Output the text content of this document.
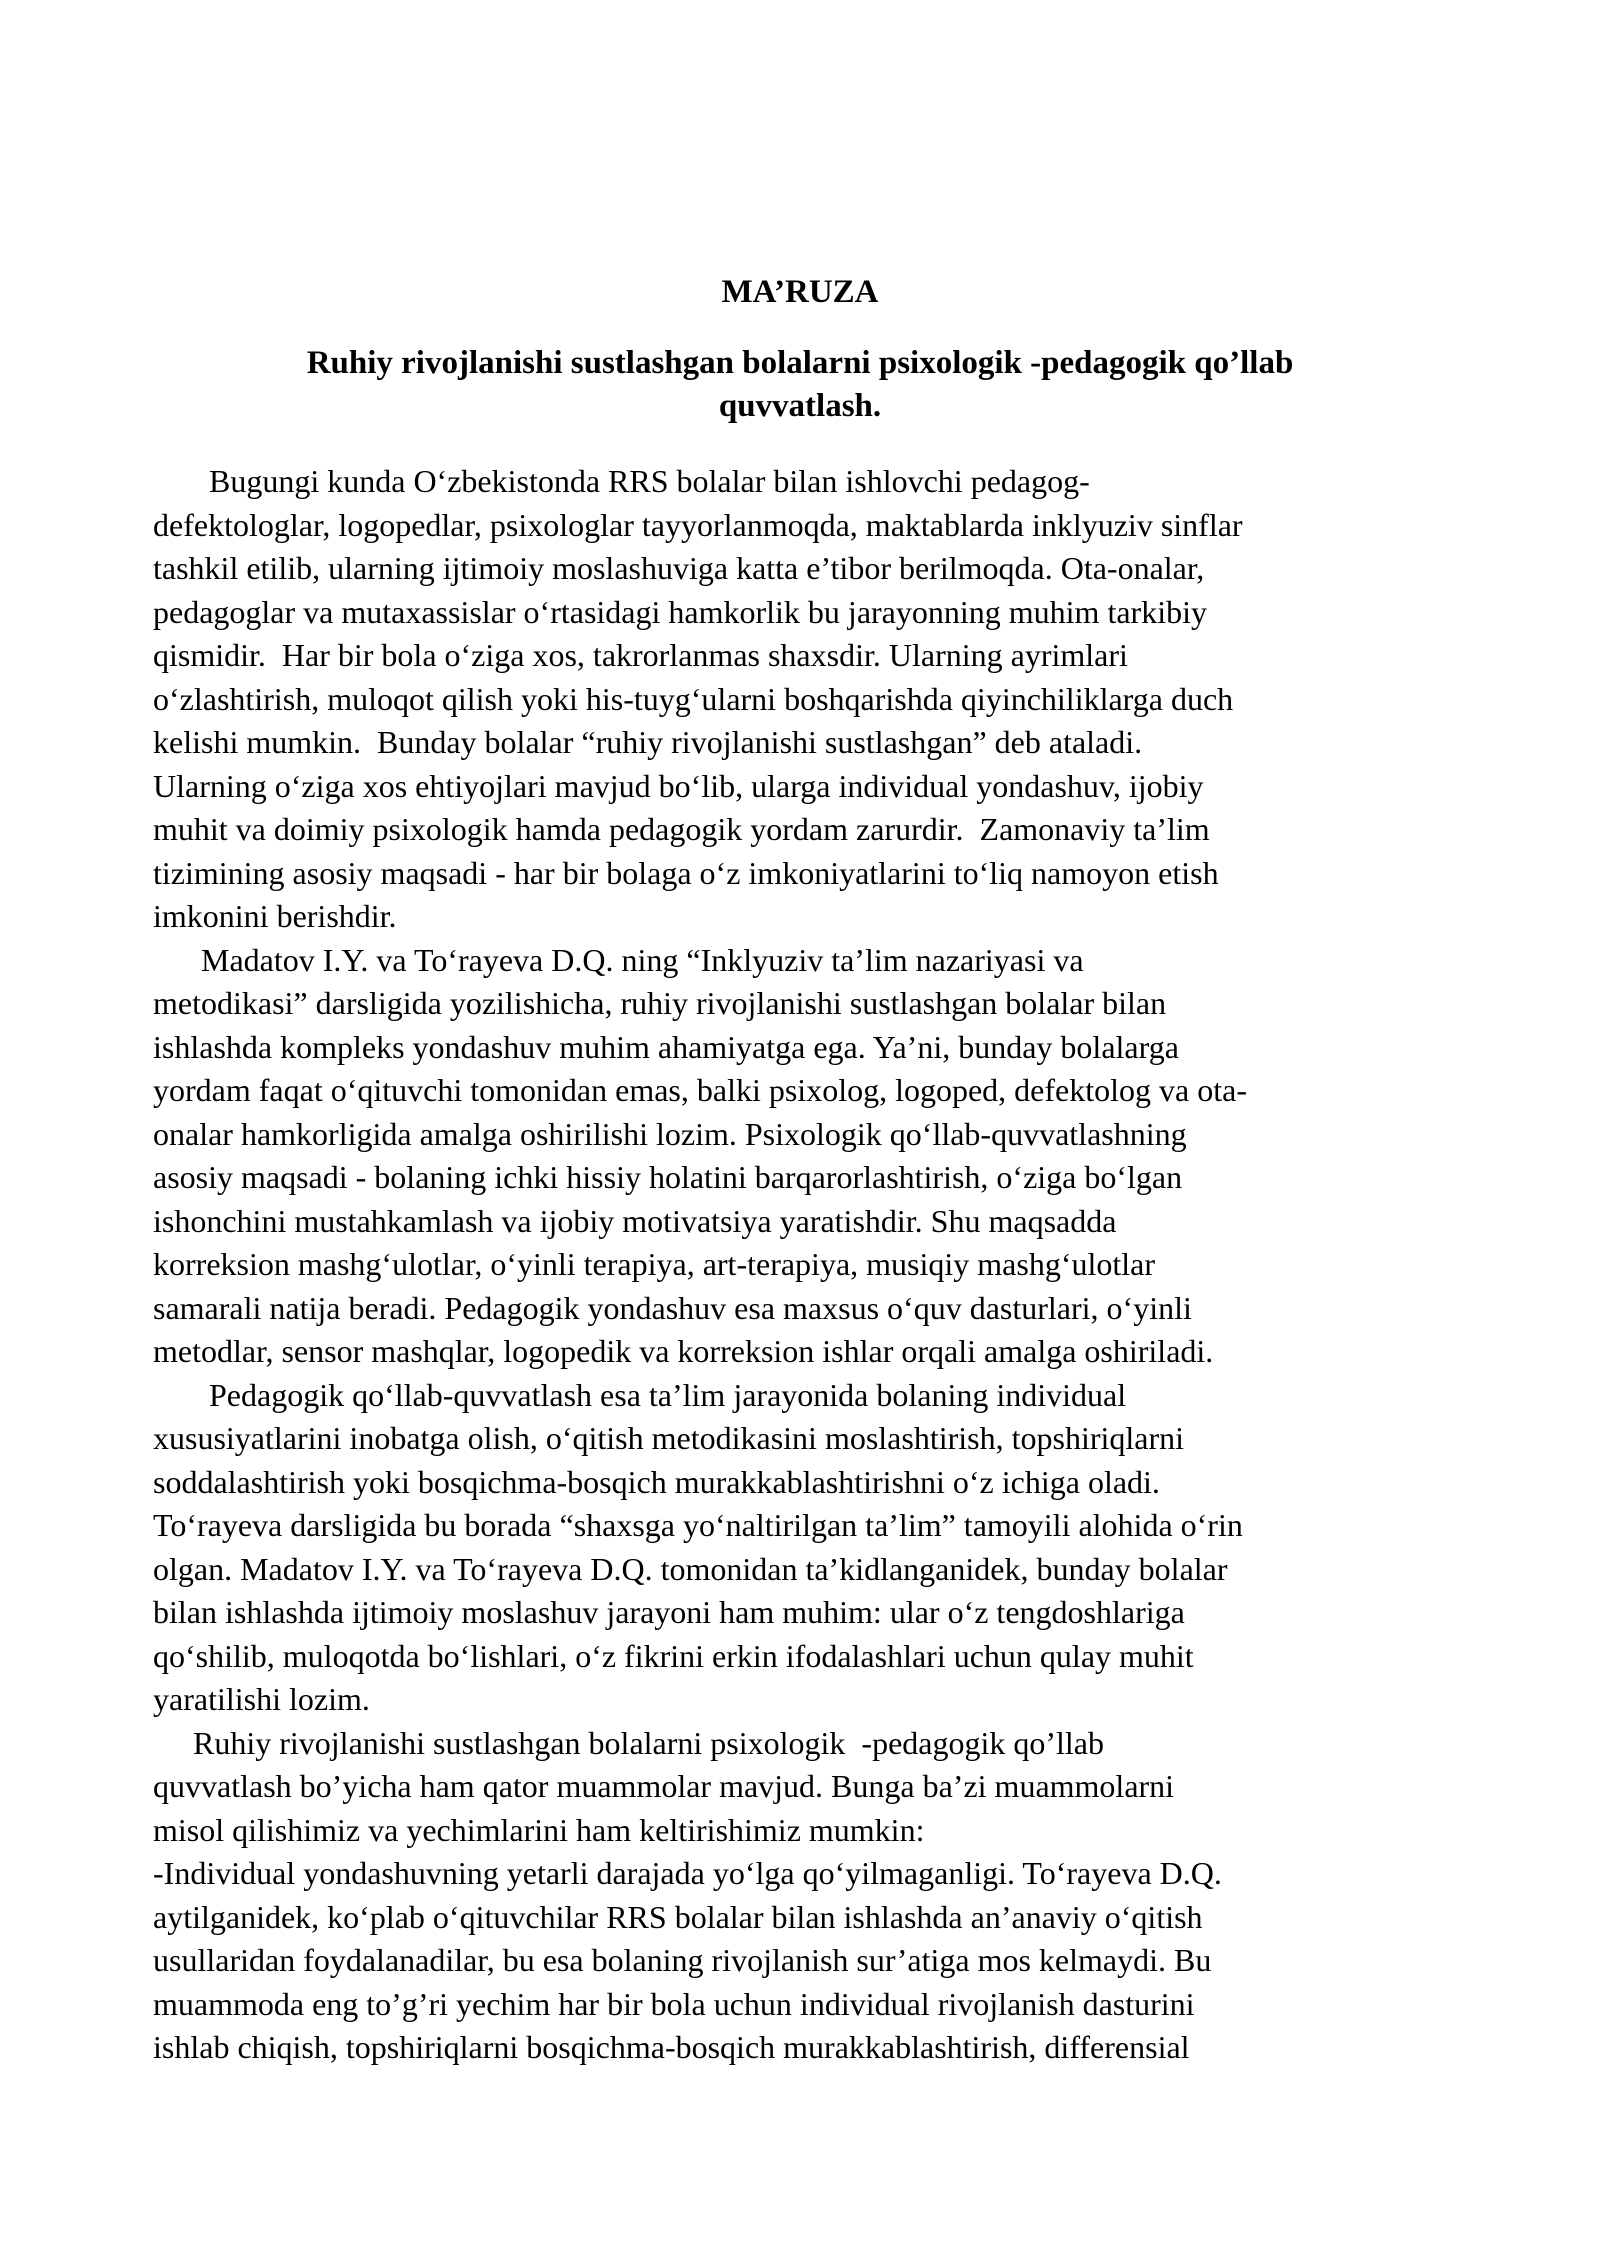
MA’RUZA
Ruhiy rivojlanishi sustlashgan bolalarni psixologik -pedagogik qo’llab
quvvatlash.
Bugungi kunda O‘zbekistonda RRS bolalar bilan ishlovchi pedagog-
defektologlar, logopedlar, psixologlar tayyorlanmoqda, maktablarda inklyuziv sinflar
tashkil etilib, ularning ijtimoiy moslashuviga katta e’tibor berilmoqda. Ota-onalar,
pedagoglar va mutaxassislar o‘rtasidagi hamkorlik bu jarayonning muhim tarkibiy
qismidir.  Har bir bola o‘ziga xos, takrorlanmas shaxsdir. Ularning ayrimlari
o‘zlashtirish, muloqot qilish yoki his-tuyg‘ularni boshqarishda qiyinchiliklarga duch
kelishi mumkin.  Bunday bolalar “ruhiy rivojlanishi sustlashgan” deb ataladi.
Ularning o‘ziga xos ehtiyojlari mavjud bo‘lib, ularga individual yondashuv, ijobiy
muhit va doimiy psixologik hamda pedagogik yordam zarurdir.  Zamonaviy ta’lim
tizimining asosiy maqsadi - har bir bolaga o‘z imkoniyatlarini to‘liq namoyon etish
imkonini berishdir.
Madatov I.Y. va To‘rayeva D.Q. ning “Inklyuziv ta’lim nazariyasi va
metodikasi” darsligida yozilishicha, ruhiy rivojlanishi sustlashgan bolalar bilan
ishlashda kompleks yondashuv muhim ahamiyatga ega. Ya’ni, bunday bolalarga
yordam faqat o‘qituvchi tomonidan emas, balki psixolog, logoped, defektolog va ota-
onalar hamkorligida amalga oshirilishi lozim. Psixologik qo‘llab-quvvatlashning
asosiy maqsadi - bolaning ichki hissiy holatini barqarorlashtirish, o‘ziga bo‘lgan
ishonchini mustahkamlash va ijobiy motivatsiya yaratishdir. Shu maqsadda
korreksion mashg‘ulotlar, o‘yinli terapiya, art-terapiya, musiqiy mashg‘ulotlar
samarali natija beradi. Pedagogik yondashuv esa maxsus o‘quv dasturlari, o‘yinli
metodlar, sensor mashqlar, logopedik va korreksion ishlar orqali amalga oshiriladi.
Pedagogik qo‘llab-quvvatlash esa ta’lim jarayonida bolaning individual
xususiyatlarini inobatga olish, o‘qitish metodikasini moslashtirish, topshiriqlarni
soddalashtirish yoki bosqichma-bosqich murakkablashtirishni o‘z ichiga oladi.
To‘rayeva darsligida bu borada “shaxsga yo‘naltirilgan ta’lim” tamoyili alohida o‘rin
olgan. Madatov I.Y. va To‘rayeva D.Q. tomonidan ta’kidlanganidek, bunday bolalar
bilan ishlashda ijtimoiy moslashuv jarayoni ham muhim: ular o‘z tengdoshlariga
qo‘shilib, muloqotda bo‘lishlari, o‘z fikrini erkin ifodalashlari uchun qulay muhit
yaratilishi lozim.
Ruhiy rivojlanishi sustlashgan bolalarni psixologik  -pedagogik qo’llab
quvvatlash bo’yicha ham qator muammolar mavjud. Bunga ba’zi muammolarni
misol qilishimiz va yechimlarini ham keltirishimiz mumkin:
-Individual yondashuvning yetarli darajada yo‘lga qo‘yilmaganligi. To‘rayeva D.Q.
aytilganidek, ko‘plab o‘qituvchilar RRS bolalar bilan ishlashda an’anaviy o‘qitish
usullaridan foydalanadilar, bu esa bolaning rivojlanish sur’atiga mos kelmaydi. Bu
muammoda eng to’g’ri yechim har bir bola uchun individual rivojlanish dasturini
ishlab chiqish, topshiriqlarni bosqichma-bosqich murakkablashtirish, differensial
